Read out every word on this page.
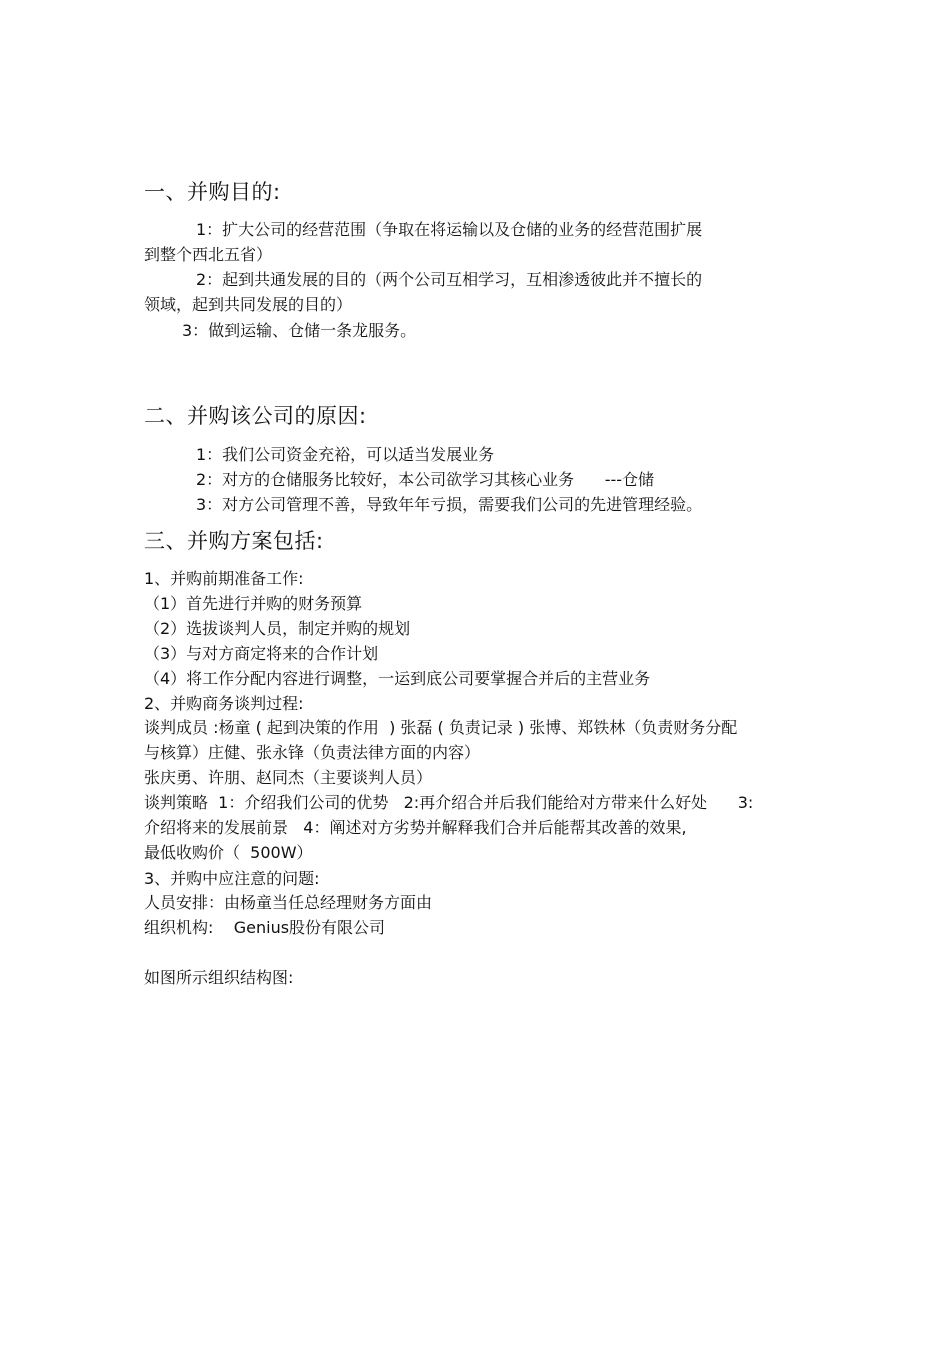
一、并购目的:
1：扩大公司的经营范围（争取在将运输以及仓储的业务的经营范围扩展
到整个西北五省）
2：起到共通发展的目的（两个公司互相学习，互相渗透彼此并不擅长的
领域，起到共同发展的目的）
3：做到运输、仓储一条龙服务。
二、并购该公司的原因:
1：我们公司资金充裕，可以适当发展业务
2：对方的仓储服务比较好，本公司欲学习其核心业务      ---仓储
3：对方公司管理不善，导致年年亏损，需要我们公司的先进管理经验。
三、并购方案包括:
1、并购前期准备工作:
（1）首先进行并购的财务预算
（2）选拔谈判人员，制定并购的规划
（3）与对方商定将来的合作计划
（4）将工作分配内容进行调整，一运到底公司要掌握合并后的主营业务
2、并购商务谈判过程:
谈判成员 :杨童 ( 起到决策的作用  ) 张磊 ( 负责记录 ) 张博、郑铁林（负责财务分配
与核算）庄健、张永锋（负责法律方面的内容）
张庆勇、许朋、赵同杰（主要谈判人员）
谈判策略  1：介绍我们公司的优势   2:再介绍合并后我们能给对方带来什么好处      3:
介绍将来的发展前景   4：阐述对方劣势并解释我们合并后能帮其改善的效果,
最低收购价（  500W）
3、并购中应注意的问题:
人员安排：由杨童当任总经理财务方面由
组织机构:    Genius股份有限公司
如图所示组织结构图:
